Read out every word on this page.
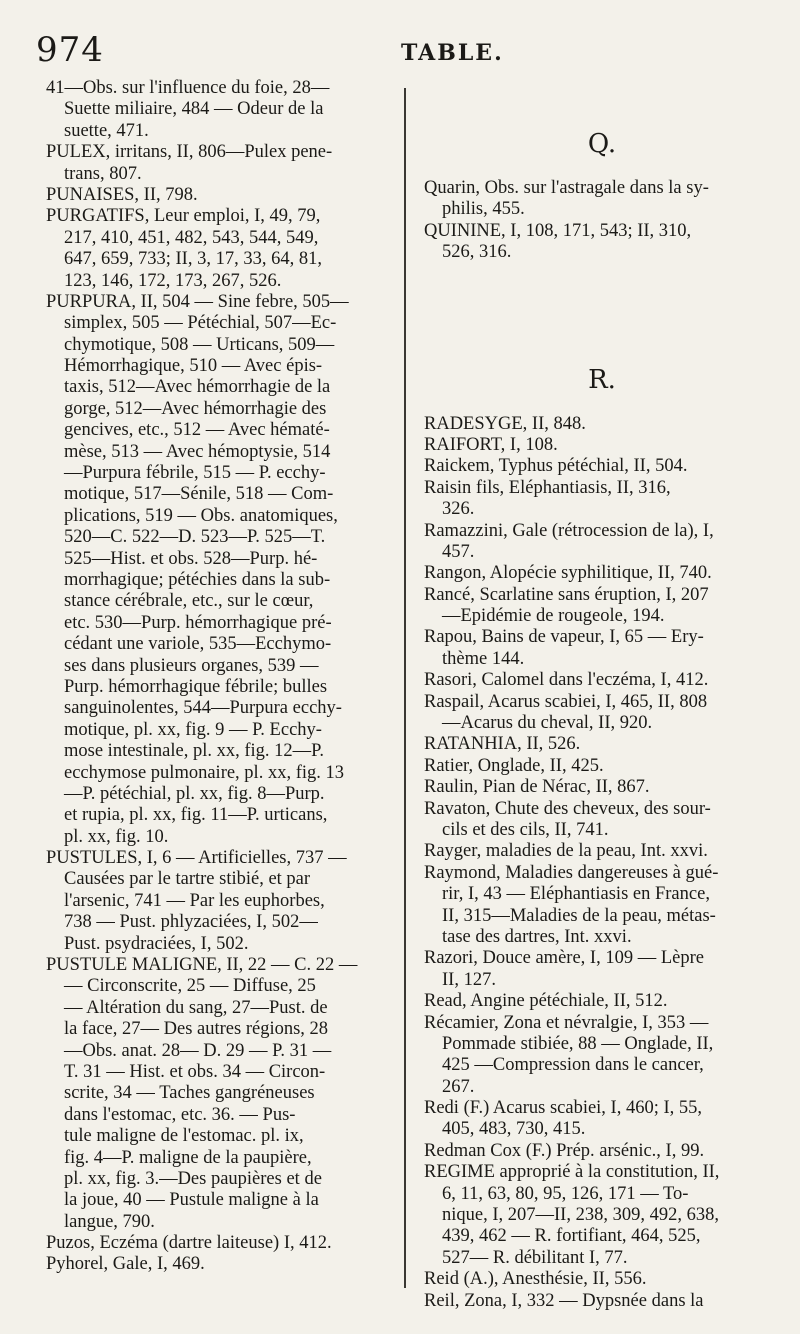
974	TABLE.
41—Obs. sur l'influence du foie, 28—
Suette miliaire, 484 — Odeur de la
suette, 471.
PULEX, irritans, II, 806—Pulex pene-
trans, 807.
PUNAISES, II, 798.
PURGATIFS, Leur emploi, I, 49, 79,
217, 410, 451, 482, 543, 544, 549,
647, 659, 733; II, 3, 17, 33, 64, 81,
123, 146, 172, 173, 267, 526.
PURPURA, II, 504 — Sine febre, 505—
simplex, 505 — Pétéchial, 507—Ec-
chymotique, 508 — Urticans, 509—
Hémorrhagique, 510 — Avec épis-
taxis, 512—Avec hémorrhagie de la
gorge, 512—Avec hémorrhagie des
gencives, etc., 512 — Avec hématé-
mèse, 513 — Avec hémoptysie, 514
—Purpura fébrile, 515 — P. ecchy-
motique, 517—Sénile, 518 — Com-
plications, 519 — Obs. anatomiques,
520—C. 522—D. 523—P. 525—T.
525—Hist. et obs. 528—Purp. hé-
morrhagique; pétéchies dans la sub-
stance cérébrale, etc., sur le cœur,
etc. 530—Purp. hémorrhagique pré-
cédant une variole, 535—Ecchymo-
ses dans plusieurs organes, 539 —
Purp. hémorrhagique fébrile; bulles
sanguinolentes, 544—Purpura ecchy-
motique, pl. xx, fig. 9 — P. Ecchy-
mose intestinale, pl. xx, fig. 12—P.
ecchymose pulmonaire, pl. xx, fig. 13
—P. pétéchial, pl. xx, fig. 8—Purp.
et rupia, pl. xx, fig. 11—P. urticans,
pl. xx, fig. 10.
PUSTULES, I, 6 — Artificielles, 737 —
Causées par le tartre stibié, et par
l'arsenic, 741 — Par les euphorbes,
738 — Pust. phlyzaciées, I, 502—
Pust. psydraciées, I, 502.
PUSTULE MALIGNE, II, 22 — C. 22 —
— Circonscrite, 25 — Diffuse, 25
— Altération du sang, 27—Pust. de
la face, 27— Des autres régions, 28
—Obs. anat. 28— D. 29 — P. 31 —
T. 31 — Hist. et obs. 34 — Circon-
scrite, 34 — Taches gangréneuses
dans l'estomac, etc. 36. — Pus-
tule maligne de l'estomac. pl. ix,
fig. 4—P. maligne de la paupière,
pl. xx, fig. 3.—Des paupières et de
la joue, 40 — Pustule maligne à la
langue, 790.
Puzos, Eczéma (dartre laiteuse) I, 412.
Pyhorel, Gale, I, 469.
Q.
Quarin, Obs. sur l'astragale dans la sy-
philis, 455.
QUININE, I, 108, 171, 543; II, 310,
526, 316.
R.
RADESYGE, II, 848.
RAIFORT, I, 108.
Raickem, Typhus pétéchial, II, 504.
Raisin fils, Eléphantiasis, II, 316,
326.
Ramazzini, Gale (rétrocession de la), I,
457.
Rangon, Alopécie syphilitique, II, 740.
Rancé, Scarlatine sans éruption, I, 207
—Epidémie de rougeole, 194.
Rapou, Bains de vapeur, I, 65 — Ery-
thème 144.
Rasori, Calomel dans l'eczéma, I, 412.
Raspail, Acarus scabiei, I, 465, II, 808
—Acarus du cheval, II, 920.
RATANHIA, II, 526.
Ratier, Onglade, II, 425.
Raulin, Pian de Nérac, II, 867.
Ravaton, Chute des cheveux, des sour-
cils et des cils, II, 741.
Rayger, maladies de la peau, Int. xxvi.
Raymond, Maladies dangereuses à gué-
rir, I, 43 — Eléphantiasis en France,
II, 315—Maladies de la peau, métas-
tase des dartres, Int. xxvi.
Razori, Douce amère, I, 109 — Lèpre
II, 127.
Read, Angine pétéchiale, II, 512.
Récamier, Zona et névralgie, I, 353 —
Pommade stibiée, 88 — Onglade, II,
425 —Compression dans le cancer,
267.
Redi (F.) Acarus scabiei, I, 460; I, 55,
405, 483, 730, 415.
Redman Cox (F.) Prép. arsénic., I, 99.
REGIME approprié à la constitution, II,
6, 11, 63, 80, 95, 126, 171 — To-
nique, I, 207—II, 238, 309, 492, 638,
439, 462 — R. fortifiant, 464, 525,
527— R. débilitant I, 77.
Reid (A.), Anesthésie, II, 556.
Reil, Zona, I, 332 — Dypsnée dans la
